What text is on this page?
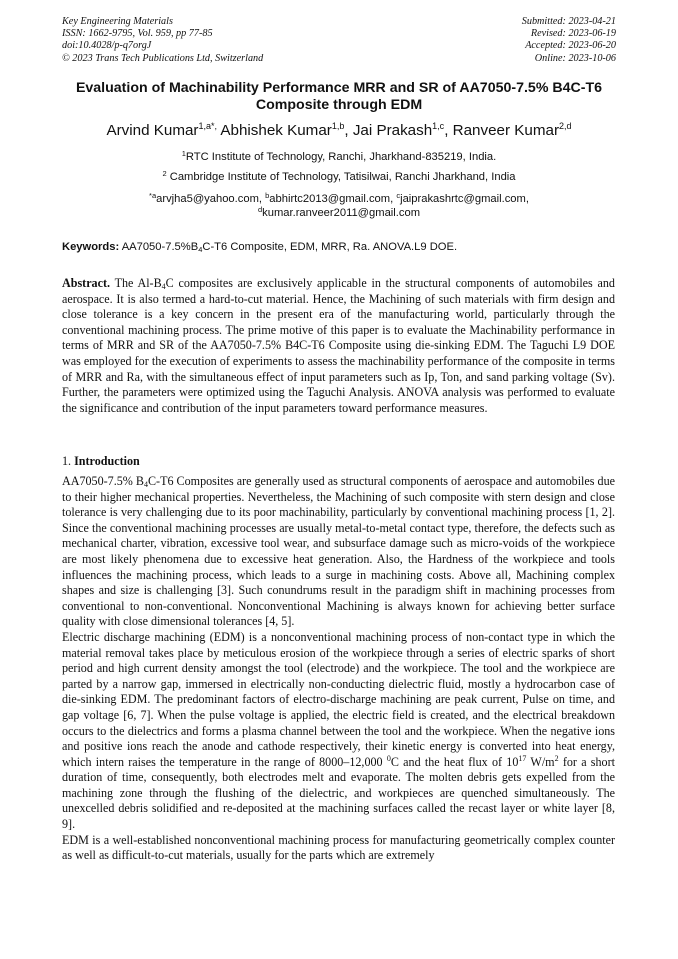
Key Engineering Materials
ISSN: 1662-9795, Vol. 959, pp 77-85
doi:10.4028/p-q7orgJ
© 2023 Trans Tech Publications Ltd, Switzerland
Submitted: 2023-04-21
Revised: 2023-06-19
Accepted: 2023-06-20
Online: 2023-10-06
Evaluation of Machinability Performance MRR and SR of AA7050-7.5% B4C-T6 Composite through EDM
Arvind Kumar$^{1,a*,}$ Abhishek Kumar$^{1,b}$, Jai Prakash$^{1,c}$, Ranveer Kumar$^{2,d}$
$^1$RTC Institute of Technology, Ranchi, Jharkhand-835219, India.
$^2$ Cambridge Institute of Technology, Tatisilwai, Ranchi Jharkhand, India
$^{*a}$arvjha5@yahoo.com, $^b$abhirtc2013@gmail.com, $^c$jaiprakashrtc@gmail.com,
$^d$kumar.ranveer2011@gmail.com
Keywords: $AA7050-7.5\%B_4C-T6$ Composite, EDM, MRR, Ra. ANOVA.L9 DOE.
Abstract. The $Al-B_4C$ composites are exclusively applicable in the structural components of automobiles and aerospace. It is also termed a hard-to-cut material. Hence, the Machining of such materials with firm design and close tolerance is a key concern in the present era of the manufacturing world, particularly through the conventional machining process. The prime motive of this paper is to evaluate the Machinability performance in terms of MRR and SR of the AA7050-7.5% B4C-T6 Composite using die-sinking EDM. The Taguchi L9 DOE was employed for the execution of experiments to assess the machinability performance of the composite in terms of MRR and Ra, with the simultaneous effect of input parameters such as Ip, Ton, and sand parking voltage (Sv). Further, the parameters were optimized using the Taguchi Analysis. ANOVA analysis was performed to evaluate the significance and contribution of the input parameters toward performance measures.
1. Introduction

AA7050-7.5% $B_4C-T6$ Composites are generally used as structural components of aerospace and automobiles due to their higher mechanical properties. Nevertheless, the Machining of such composite with stern design and close tolerance is very challenging due to its poor machinability, particularly by conventional machining process [1, 2]. Since the conventional machining processes are usually metal-to-metal contact type, therefore, the defects such as mechanical charter, vibration, excessive tool wear, and subsurface damage such as micro-voids of the workpiece are most likely phenomena due to excessive heat generation. Also, the Hardness of the workpiece and tools influences the machining process, which leads to a surge in machining costs. Above all, Machining complex shapes and size is challenging [3]. Such conundrums result in the paradigm shift in machining processes from conventional to non-conventional. Nonconventional Machining is always known for achieving better surface quality with close dimensional tolerances [4, 5].

Electric discharge machining (EDM) is a nonconventional machining process of non-contact type in which the material removal takes place by meticulous erosion of the workpiece through a series of electric sparks of short period and high current density amongst the tool (electrode) and the workpiece. The tool and the workpiece are parted by a narrow gap, immersed in electrically non-conducting dielectric fluid, mostly a hydrocarbon case of die-sinking EDM. The predominant factors of electro-discharge machining are peak current, Pulse on time, and gap voltage [6, 7]. When the pulse voltage is applied, the electric field is created, and the electrical breakdown occurs to the dielectrics and forms a plasma channel between the tool and the workpiece. When the negative ions and positive ions reach the anode and cathode respectively, their kinetic energy is converted into heat energy, which intern raises the temperature in the range of 8000–12,000 $^0$C and the heat flux of $10^{17}$ $W/m^2$ for a short duration of time, consequently, both electrodes melt and evaporate. The molten debris gets expelled from the machining zone through the flushing of the dielectric, and workpieces are quenched simultaneously. The unexcelled debris solidified and re-deposited at the machining surfaces called the recast layer or white layer [8, 9].

EDM is a well-established nonconventional machining process for manufacturing geometrically complex counter as well as difficult-to-cut materials, usually for the parts which are extremely
